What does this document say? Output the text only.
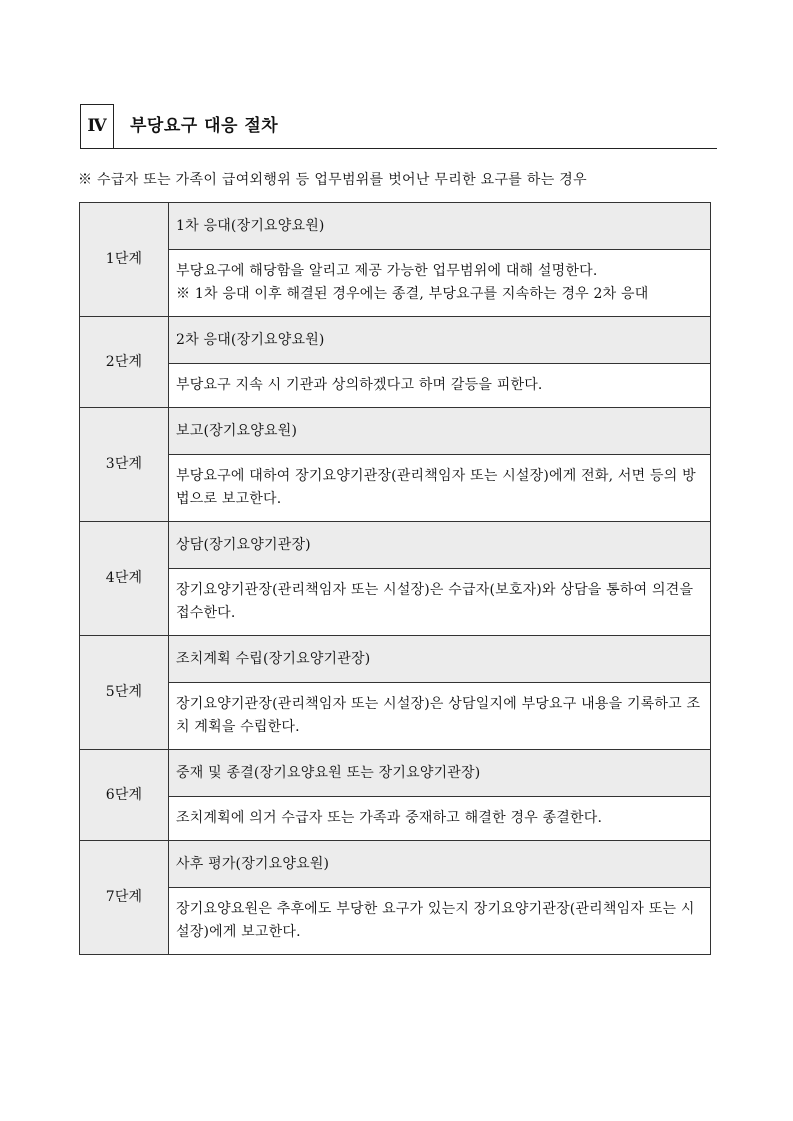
Ⅳ	부당요구 대응 절차
※ 수급자 또는 가족이 급여외행위 등 업무범위를 벗어난 무리한 요구를 하는 경우
1단계	1차 응대(장기요양요원)

	부당요구에 해당함을 알리고 제공 가능한 업무범위에 대해 설명한다.
※ 1차 응대 이후 해결된 경우에는 종결, 부당요구를 지속하는 경우 2차 응대

2단계	2차 응대(장기요양요원)
	부당요구 지속 시 기관과 상의하겠다고 하며 갈등을 피한다.
3단계	보고(장기요양요원)
	부당요구에 대하여 장기요양기관장(관리책임자 또는 시설장)에게 전화, 서면 등의 방법으로 보고한다.
4단계	상담(장기요양기관장)
	장기요양기관장(관리책임자 또는 시설장)은 수급자(보호자)와 상담을 통하여 의견을 접수한다.
5단계	조치계획 수립(장기요양기관장)
	장기요양기관장(관리책임자 또는 시설장)은 상담일지에 부당요구 내용을 기록하고 조치 계획을 수립한다.
6단계	중재 및 종결(장기요양요원 또는 장기요양기관장)
	조치계획에 의거 수급자 또는 가족과 중재하고 해결한 경우 종결한다.
7단계	사후 평가(장기요양요원)
	장기요양요원은 추후에도 부당한 요구가 있는지 장기요양기관장(관리책임자 또는 시설장)에게 보고한다.
